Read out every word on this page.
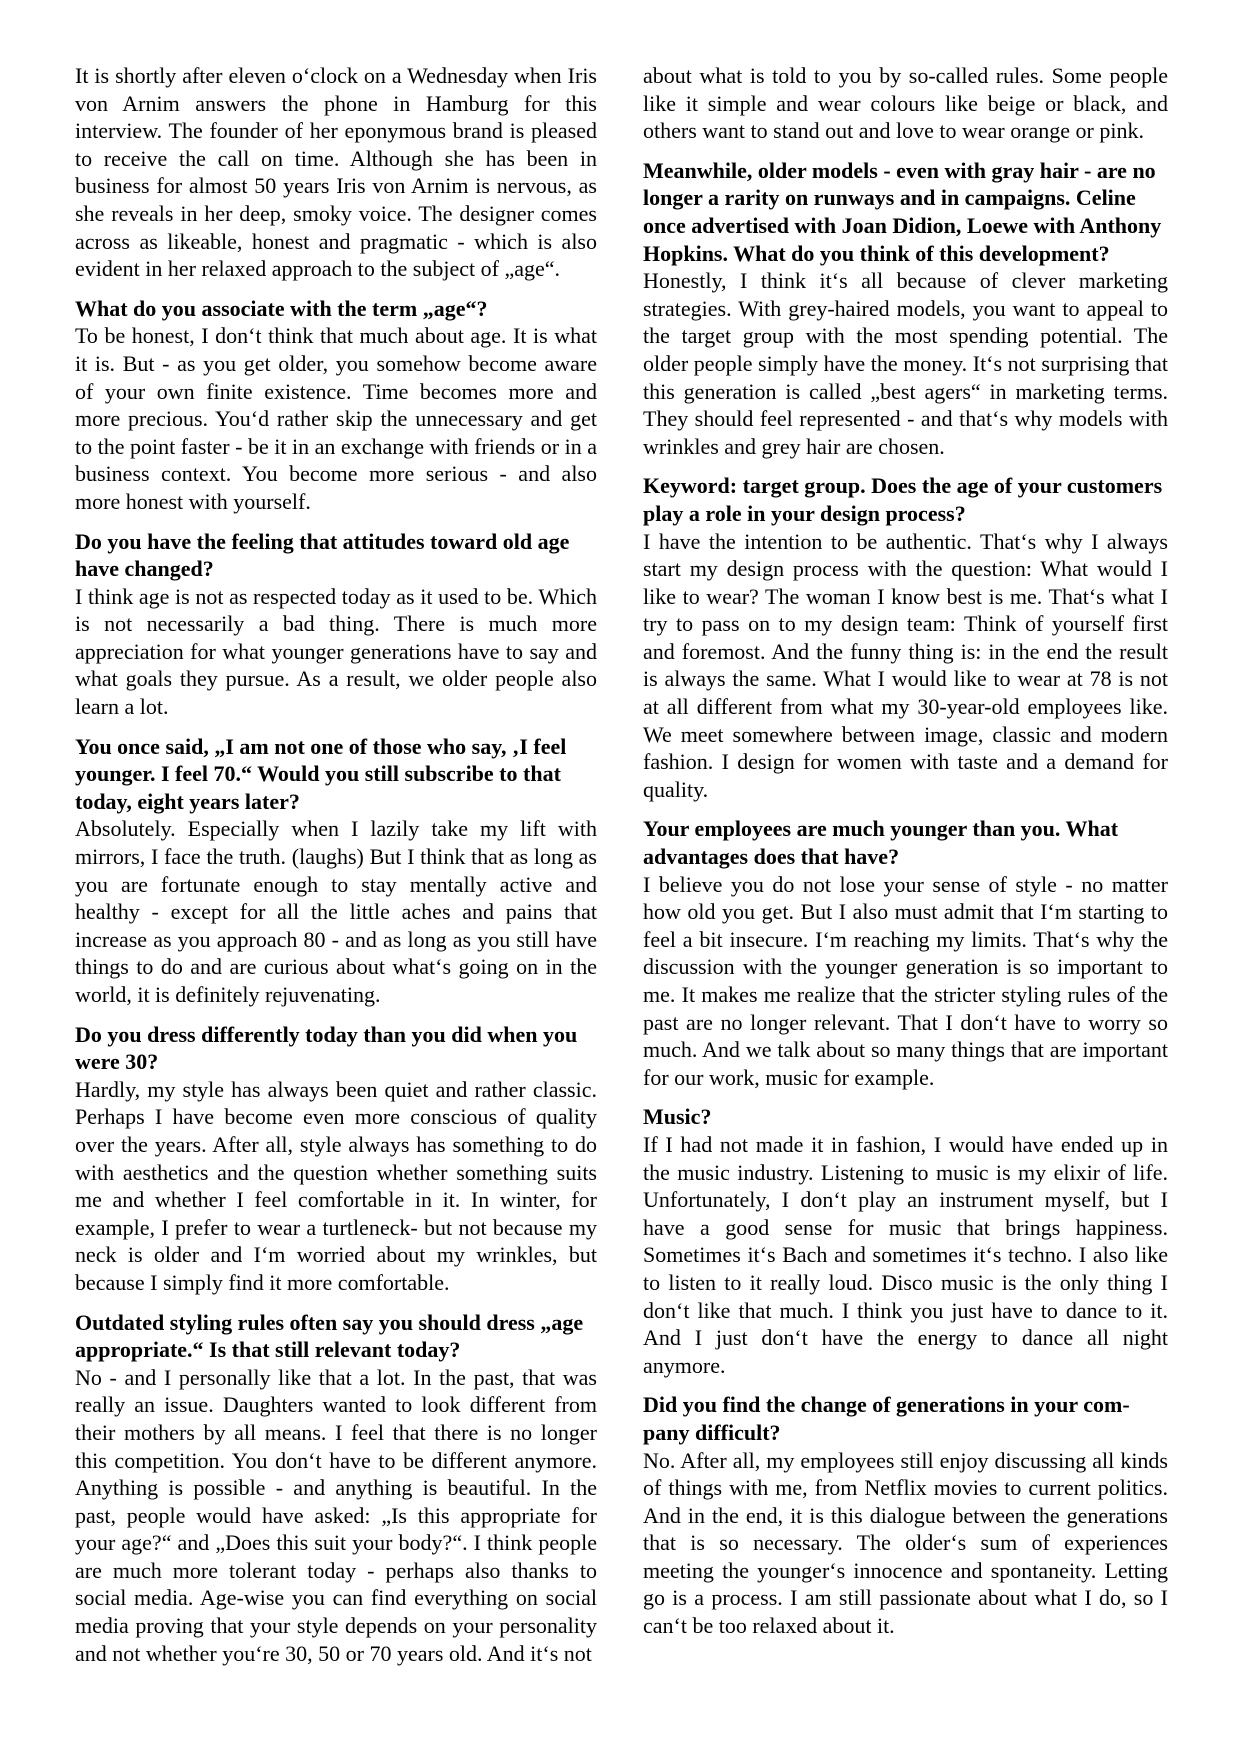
It is shortly after eleven o‘clock on a Wednesday when Iris von Arnim answers the phone in Hamburg for this interview. The founder of her eponymous brand is pleased to receive the call on time. Although she has been in business for almost 50 years Iris von Arnim is nervous, as she reveals in her deep, smoky voice. The designer comes across as likeable, honest and pragmatic - which is also evident in her relaxed approach to the subject of „age“.

What do you associate with the term „age“?

To be honest, I don‘t think that much about age. It is what it is. But - as you get older, you somehow become aware of your own finite existence. Time becomes more and more precious. You‘d rather skip the unnecessary and get to the point faster - be it in an exchange with friends or in a business context. You become more serious - and also more honest with yourself.

Do you have the feeling that attitudes toward old age have changed?

I think age is not as respected today as it used to be. Which is not necessarily a bad thing. There is much more appreciation for what younger generations have to say and what goals they pursue. As a result, we older people also learn a lot.

You once said, „I am not one of those who say, ‚I feel younger. I feel 70.“ Would you still subscribe to that today, eight years later?

Absolutely. Especially when I lazily take my lift with mirrors, I face the truth. (laughs) But I think that as long as you are fortunate enough to stay mentally active and healthy - except for all the little aches and pains that increase as you approach 80 - and as long as you still have things to do and are curious about what‘s going on in the world, it is definitely rejuvenating.

Do you dress differently today than you did when you were 30?

Hardly, my style has always been quiet and rather classic. Perhaps I have become even more conscious of quality over the years. After all, style always has something to do with aesthetics and the question whether something suits me and whether I feel comfortable in it. In winter, for example, I prefer to wear a turtleneck- but not because my neck is older and I‘m worried about my wrinkles, but because I simply find it more comfortable.

Outdated styling rules often say you should dress „age appropriate.“ Is that still relevant today?

No - and I personally like that a lot. In the past, that was really an issue. Daughters wanted to look different from their mothers by all means. I feel that there is no longer this competition. You don‘t have to be different anymore. Anything is possible - and anything is beautiful. In the past, people would have asked: „Is this appropriate for your age?“ and „Does this suit your body?“. I think people are much more tolerant today - perhaps also thanks to social media. Age-wise you can find everything on social media proving that your style depends on your personality and not whether you‘re 30, 50 or 70 years old. And it‘s not

about what is told to you by so-called rules. Some people like it simple and wear colours like beige or black, and others want to stand out and love to wear orange or pink.

Meanwhile, older models - even with gray hair - are no longer a rarity on runways and in campaigns. Celine once advertised with Joan Didion, Loewe with Anthony Hopkins. What do you think of this development?

Honestly, I think it‘s all because of clever marketing strategies. With grey-haired models, you want to appeal to the target group with the most spending potential. The older people simply have the money. It‘s not surprising that this generation is called „best agers“ in marketing terms. They should feel represented - and that‘s why models with wrinkles and grey hair are chosen.

Keyword: target group. Does the age of your customers play a role in your design process?

I have the intention to be authentic. That‘s why I always start my design process with the question: What would I like to wear? The woman I know best is me. That‘s what I try to pass on to my design team: Think of yourself first and foremost. And the funny thing is: in the end the result is always the same. What I would like to wear at 78 is not at all different from what my 30-year-old employees like. We meet somewhere between image, classic and modern fashion. I design for women with taste and a demand for quality.

Your employees are much younger than you. What advantages does that have?

I believe you do not lose your sense of style - no matter how old you get. But I also must admit that I‘m starting to feel a bit insecure. I‘m reaching my limits. That‘s why the discussion with the younger generation is so important to me. It makes me realize that the stricter styling rules of the past are no longer relevant. That I don‘t have to worry so much. And we talk about so many things that are important for our work, music for example.

Music?

If I had not made it in fashion, I would have ended up in the music industry. Listening to music is my elixir of life. Unfortunately, I don‘t play an instrument myself, but I have a good sense for music that brings happiness. Sometimes it‘s Bach and sometimes it‘s techno. I also like to listen to it really loud. Disco music is the only thing I don‘t like that much. I think you just have to dance to it. And I just don‘t have the energy to dance all night anymore.

Did you find the change of generations in your company difficult?

No. After all, my employees still enjoy discussing all kinds of things with me, from Netflix movies to current politics. And in the end, it is this dialogue between the generations that is so necessary. The older‘s sum of experiences meeting the younger‘s innocence and spontaneity. Letting go is a process. I am still passionate about what I do, so I can‘t be too relaxed about it.
